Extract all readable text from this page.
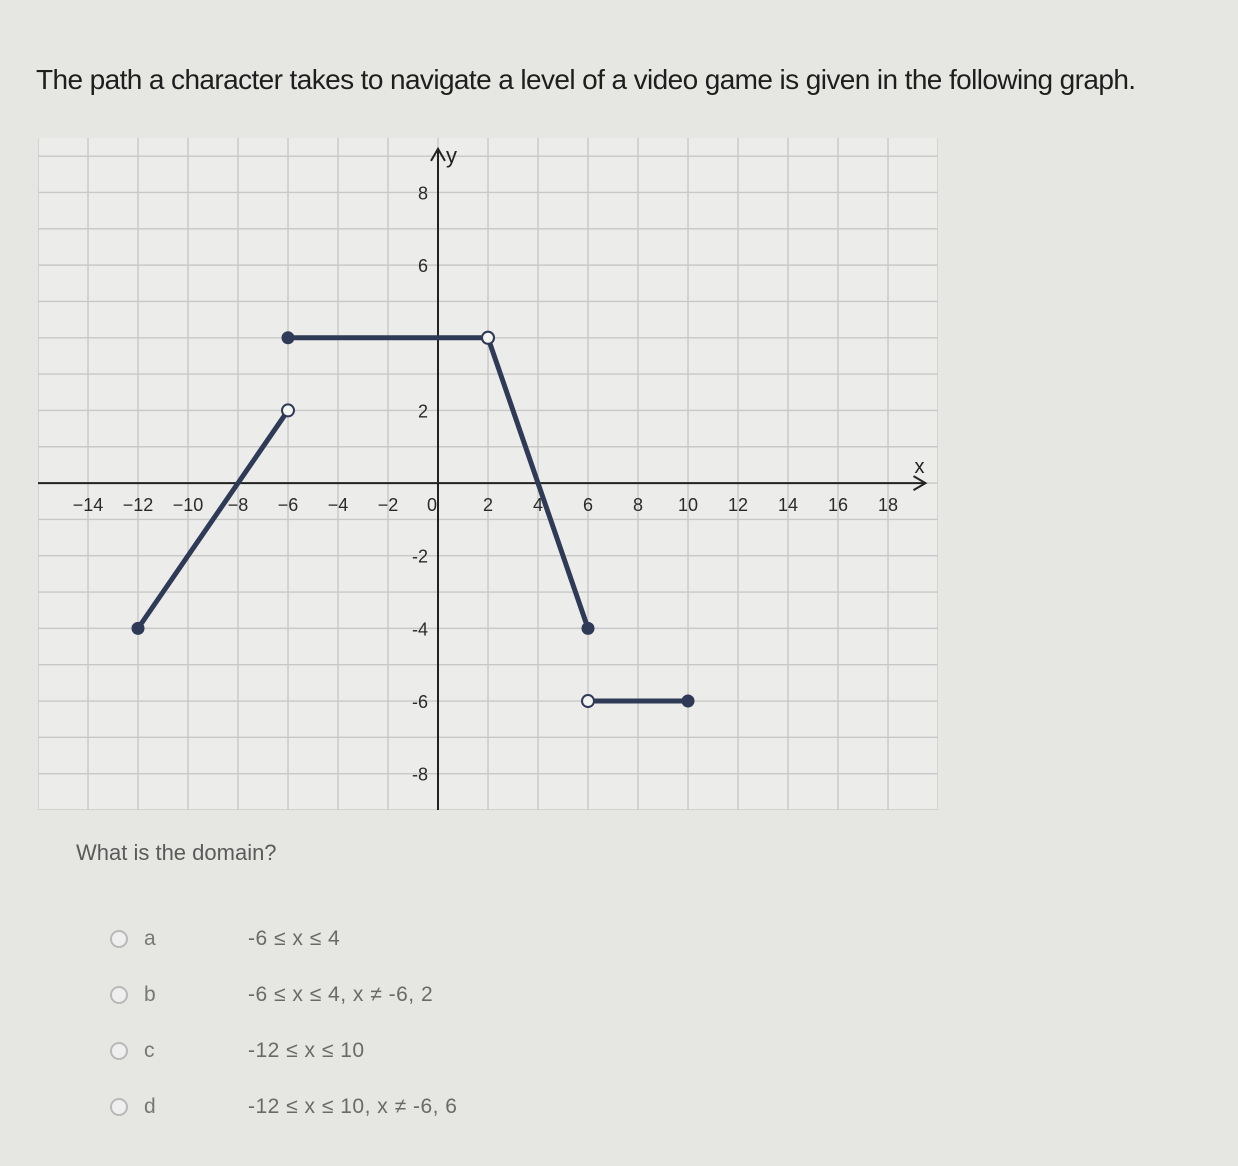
The path a character takes to navigate a level of a video game is given in the following graph.
x
y
−14 −12 −10 −8 −6 −4 −2 0	2 4 6 8 10 12 14 16 18
8
6
2
-2
-4
-6
-8
What is the domain?
a	-6 ≤ x ≤ 4
b	-6 ≤ x ≤ 4, x ≠ -6, 2
c	-12 ≤ x ≤ 10
d	-12 ≤ x ≤ 10, x ≠ -6, 6
